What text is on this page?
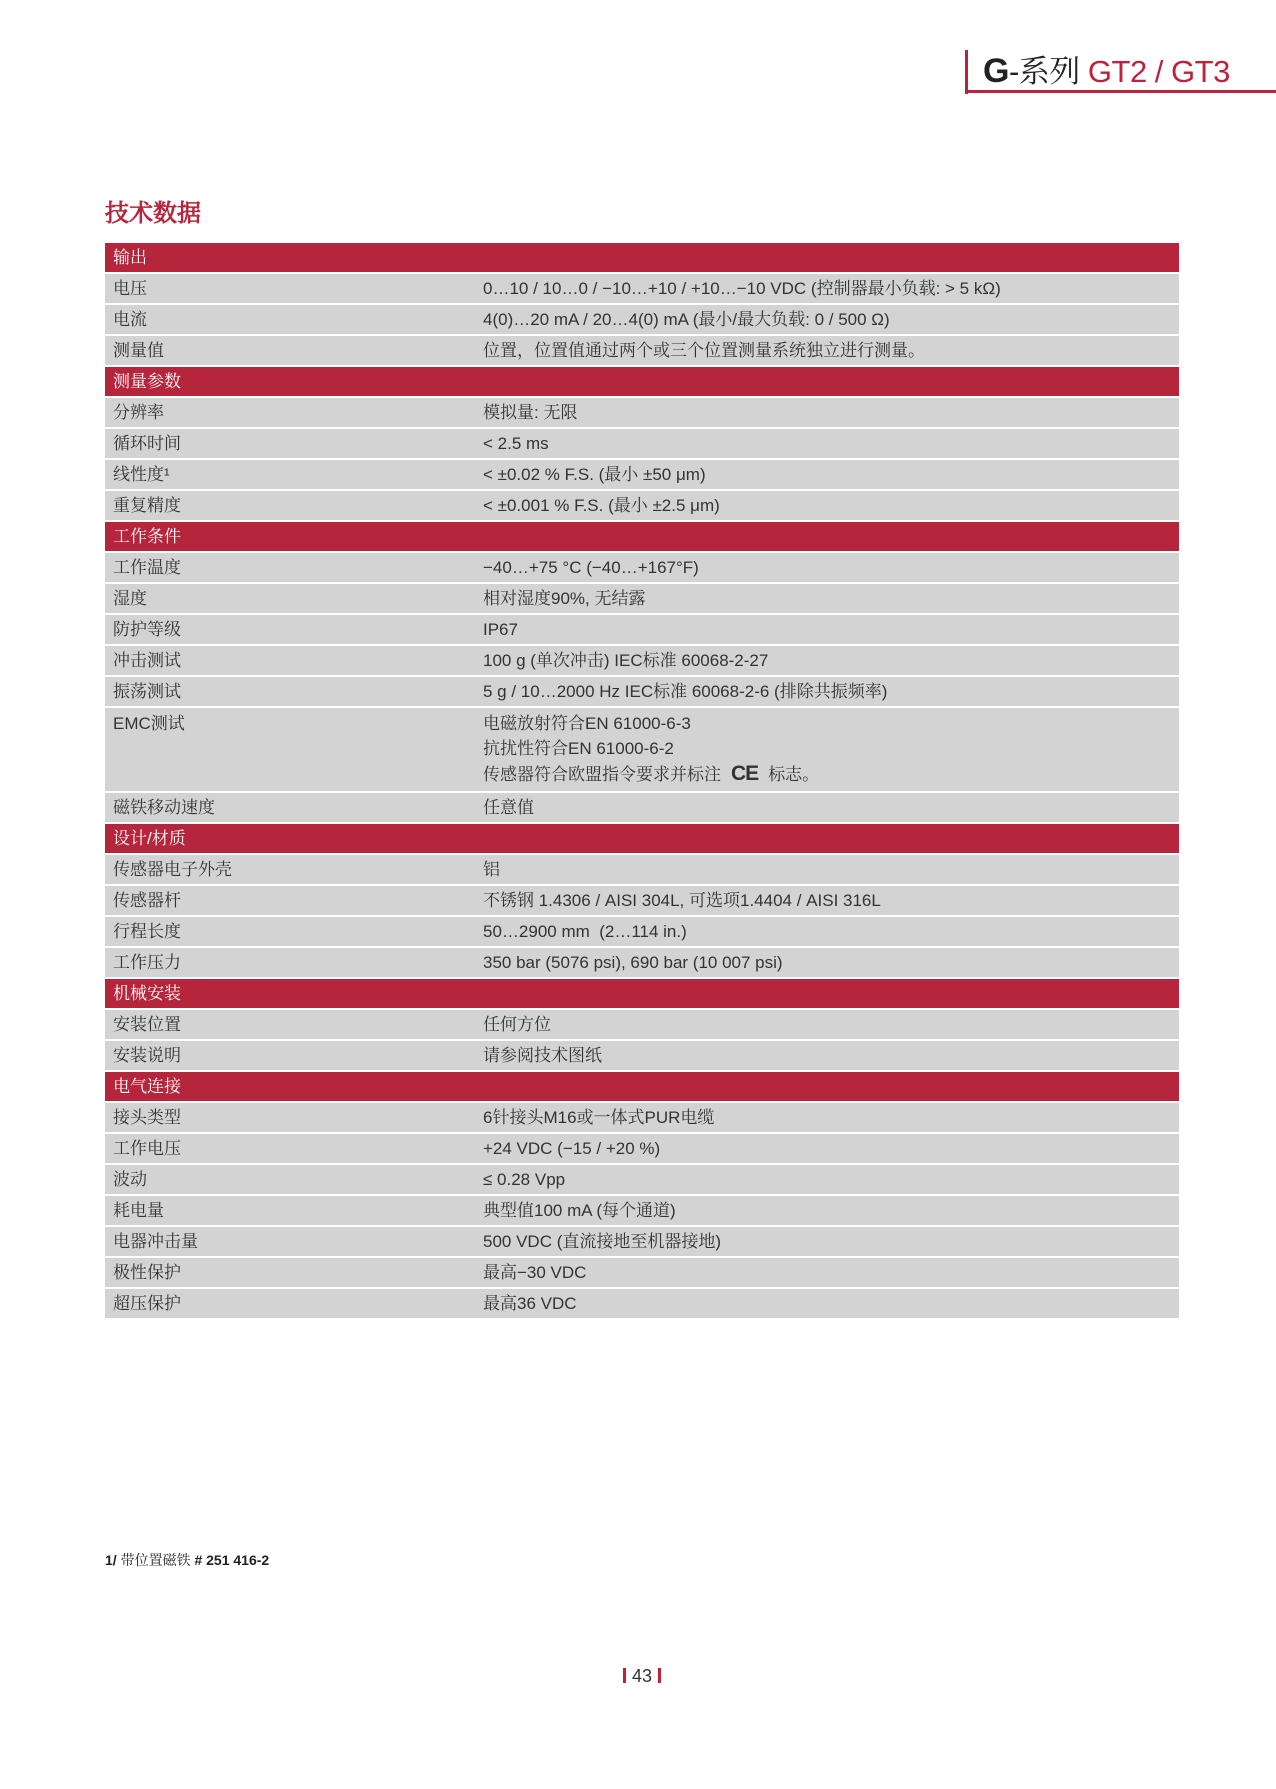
G-系列 GT2 / GT3
技术数据
输出
电压	0…10 / 10…0 / −10…+10 / +10…−10 VDC (控制器最小负载: > 5 kΩ)
电流	4(0)…20 mA / 20…4(0) mA (最小/最大负载: 0 / 500 Ω)
测量值	位置，位置值通过两个或三个位置测量系统独立进行测量。
测量参数
分辨率	模拟量: 无限
循环时间	< 2.5 ms
线性度¹	< ±0.02 % F.S. (最小 ±50 μm)
重复精度	< ±0.001 % F.S. (最小 ±2.5 μm)
工作条件
工作温度	−40…+75 °C (−40…+167°F)
湿度	相对湿度90%, 无结露
防护等级	IP67
冲击测试	100 g (单次冲击) IEC标准 60068-2-27
振荡测试	5 g / 10…2000 Hz IEC标准 60068-2-6 (排除共振频率)
EMC测试	电磁放射符合EN 61000-6-3
抗扰性符合EN 61000-6-2
传感器符合欧盟指令要求并标注 CE 标志。
磁铁移动速度	任意值
设计/材质
传感器电子外壳	铝
传感器杆	不锈钢 1.4306 / AISI 304L, 可选项1.4404 / AISI 316L
行程长度	50…2900 mm  (2…114 in.)
工作压力	350 bar (5076 psi), 690 bar (10 007 psi)
机械安装
安装位置	任何方位
安装说明	请参阅技术图纸
电气连接
接头类型	6针接头M16或一体式PUR电缆
工作电压	+24 VDC (−15 / +20 %)
波动	≤ 0.28 Vpp
耗电量	典型值100 mA (每个通道)
电器冲击量	500 VDC (直流接地至机器接地)
极性保护	最高−30 VDC
超压保护	最高36 VDC
1/ 带位置磁铁 # 251 416-2
43
